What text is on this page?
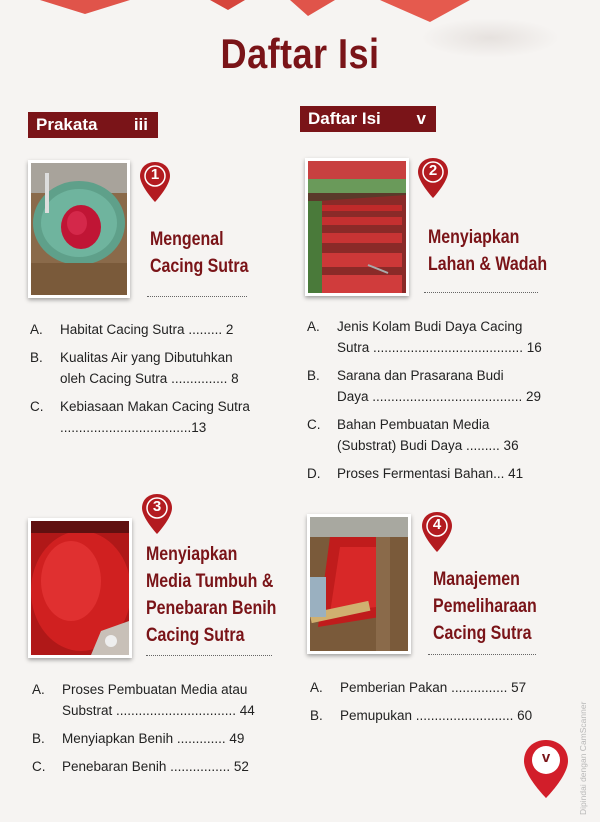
Daftar Isi
Prakata iii	Daftar Isi v
1
Mengenal
Cacing Sutra
A.	Habitat Cacing Sutra ......... 2
B.	Kualitas Air yang Dibutuhkan
oleh Cacing Sutra ............... 8
C.	Kebiasaan Makan Cacing Sutra
...................................13
2
Menyiapkan
Lahan & Wadah
A.	Jenis Kolam Budi Daya Cacing
Sutra ........................................ 16
B.	Sarana dan Prasarana Budi
Daya ........................................ 29
C.	Bahan Pembuatan Media
(Substrat) Budi Daya ......... 36
D.	Proses Fermentasi Bahan... 41
3
Menyiapkan
Media Tumbuh &
Penebaran Benih
Cacing Sutra
A.	Proses Pembuatan Media atau
Substrat ................................ 44
B.	Menyiapkan Benih ............. 49
C.	Penebaran Benih ................ 52
4
Manajemen
Pemeliharaan
Cacing Sutra
A.	Pemberian Pakan ............... 57
B.	Pemupukan .......................... 60
v	Dipindai dengan CamScanner
